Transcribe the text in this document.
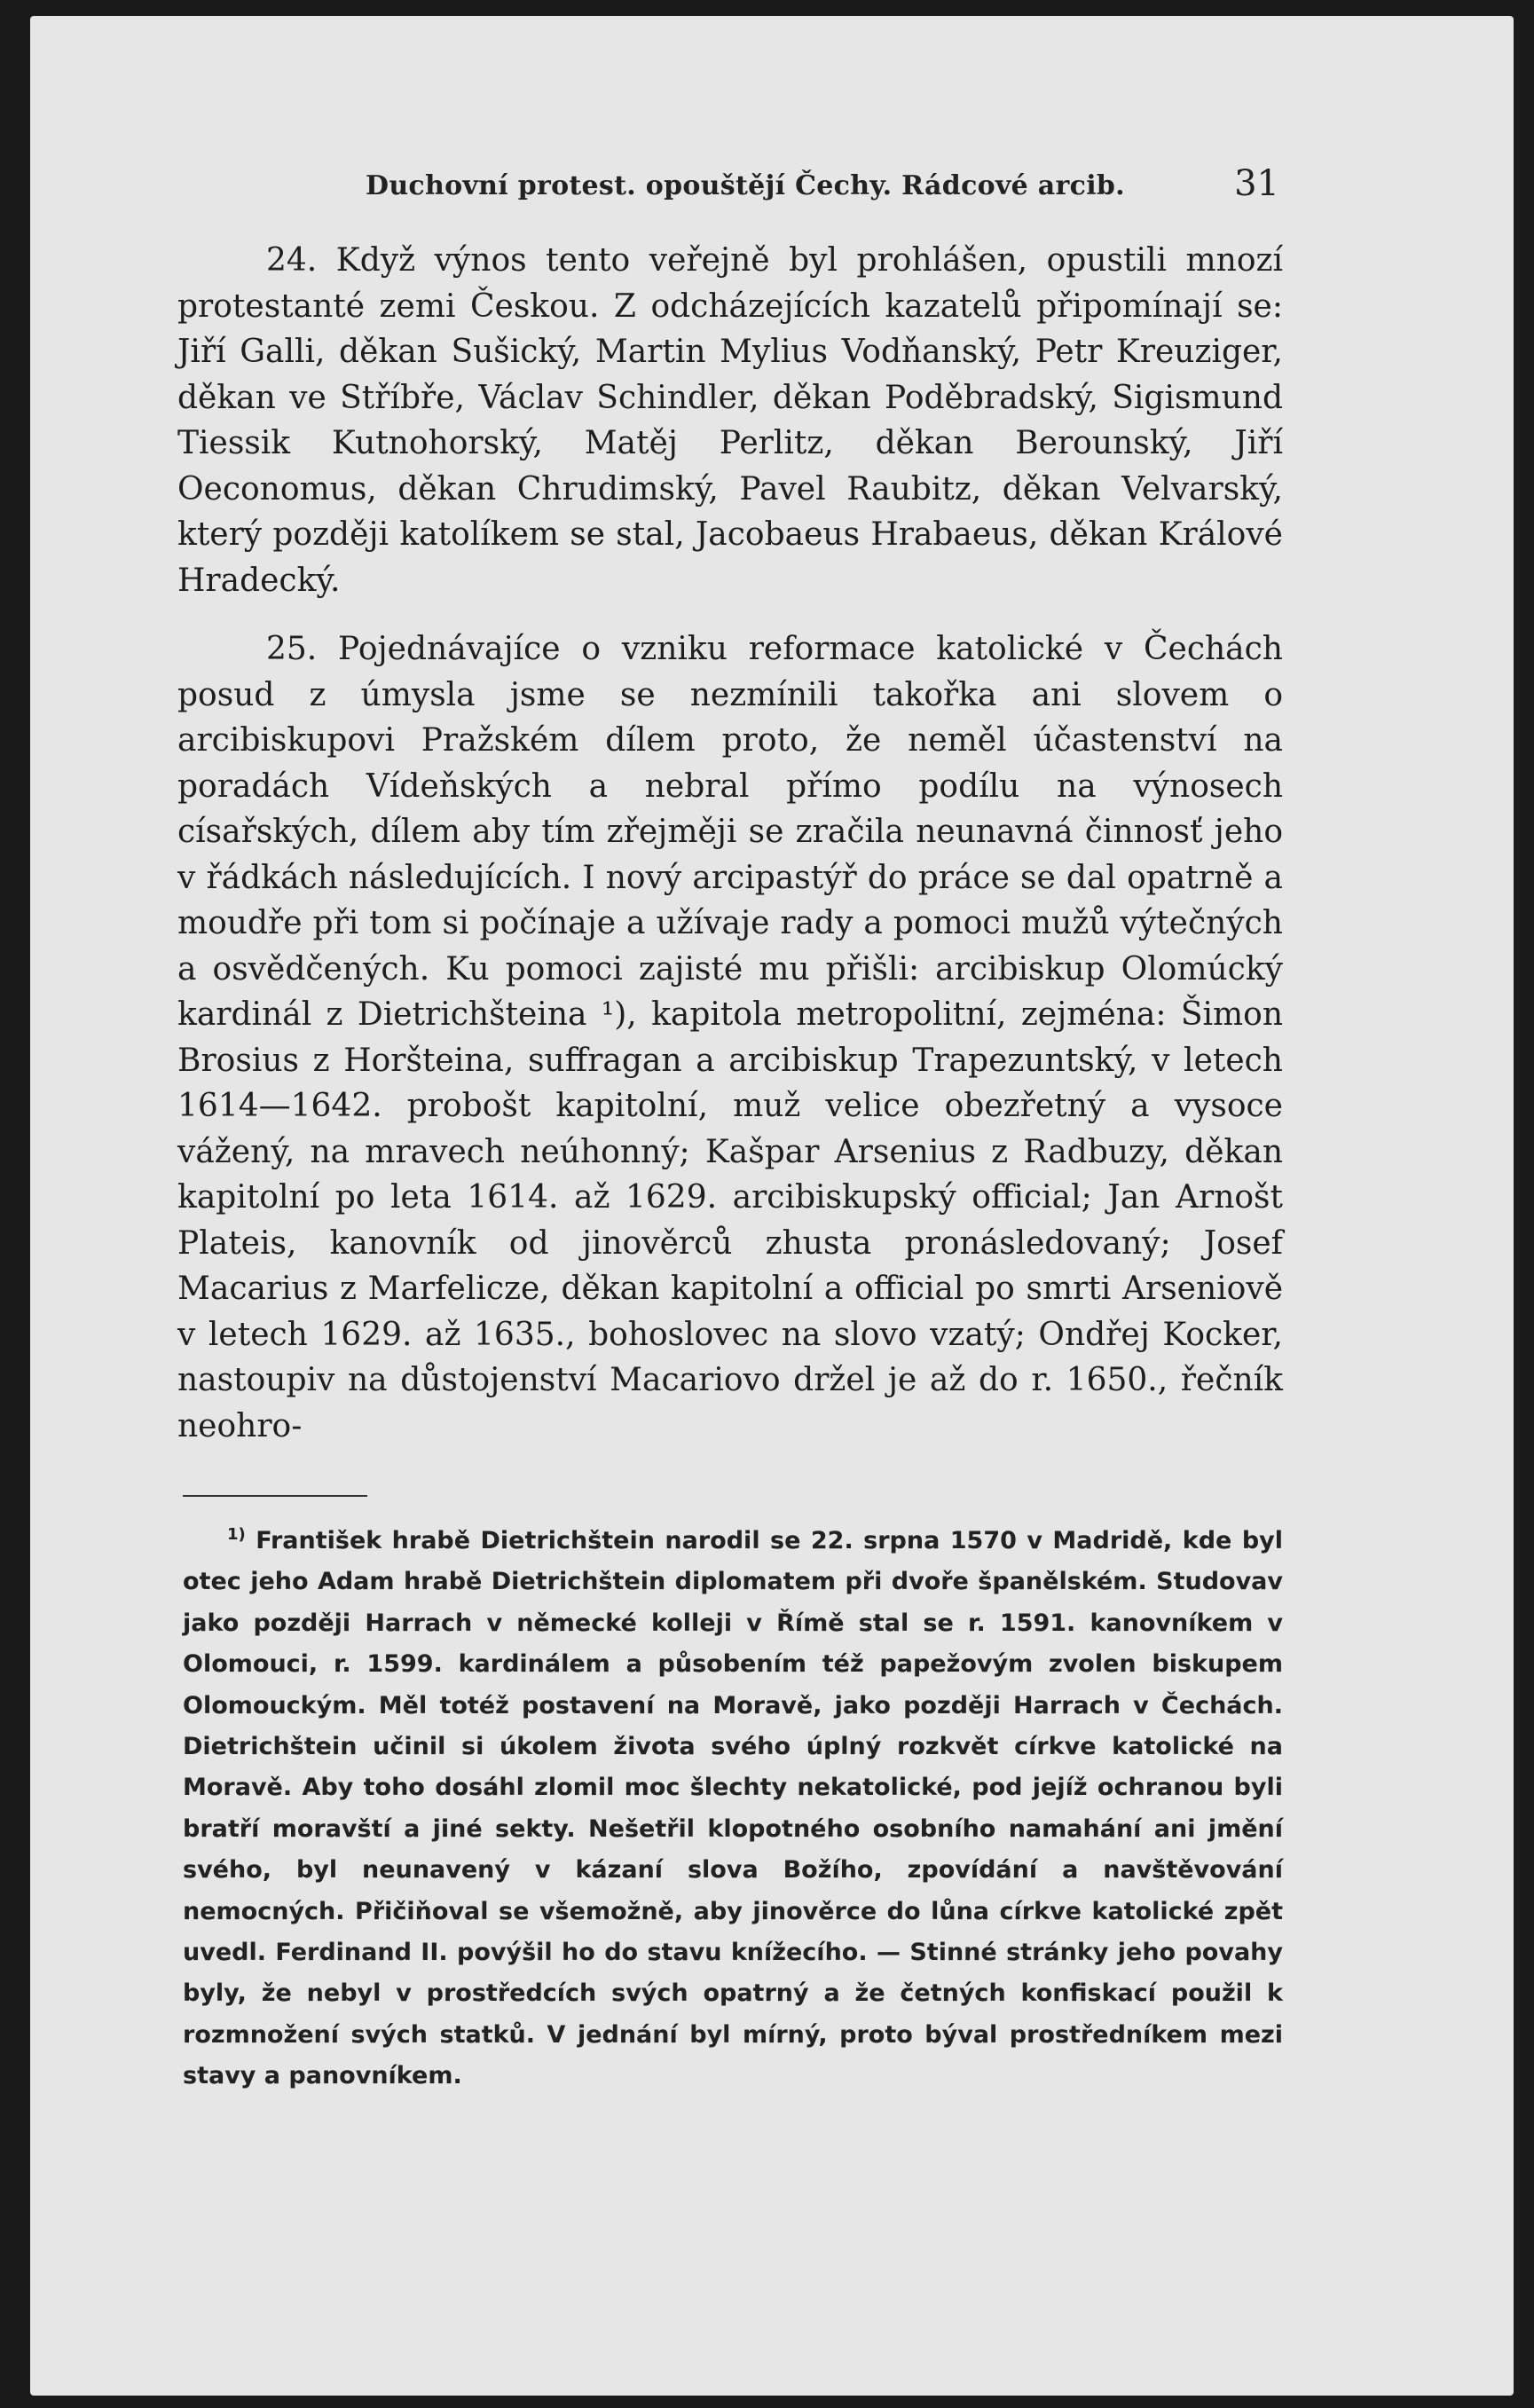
Duchovní protest. opouštějí Čechy. Rádcové arcib.	31

24. Když výnos tento veřejně byl prohlášen, opustili mnozí protestanté zemi Českou. Z odcházejících kazatelů připomínají se: Jiří Galli, děkan Sušický, Martin Mylius Vodňanský, Petr Kreuziger, děkan ve Stříbře, Václav Schindler, děkan Poděbradský, Sigismund Tiessik Kutnohorský, Matěj Perlitz, děkan Berounský, Jiří Oeconomus, děkan Chrudimský, Pavel Raubitz, děkan Velvarský, který později katolíkem se stal, Jacobaeus Hrabaeus, děkan Králové Hradecký.

25. Pojednávajíce o vzniku reformace katolické v Čechách posud z úmysla jsme se nezmínili takořka ani slovem o arcibiskupovi Pražském dílem proto, že neměl účastenství na poradách Vídeňských a nebral přímo podílu na výnosech císařských, dílem aby tím zřejměji se zračila neunavná činnosť jeho v řádkách následujících. I nový arcipastýř do práce se dal opatrně a moudře při tom si počínaje a užívaje rady a pomoci mužů výtečných a osvědčených. Ku pomoci zajisté mu přišli: arcibiskup Olomúcký kardinál z Dietrichšteina ¹), kapitola metropolitní, zejména: Šimon Brosius z Horšteina, suffragan a arcibiskup Trapezuntský, v letech 1614—1642. probošt kapitolní, muž velice obezřetný a vysoce vážený, na mravech neúhonný; Kašpar Arsenius z Radbuzy, děkan kapitolní po leta 1614. až 1629. arcibiskupský official; Jan Arnošt Plateis, kanovník od jinověrců zhusta pronásledovaný; Josef Macarius z Marfelicze, děkan kapitolní a official po smrti Arseniově v letech 1629. až 1635., bohoslovec na slovo vzatý; Ondřej Kocker, nastoupiv na důstojenství Macariovo držel je až do r. 1650., řečník neohro-

$^{1)}$ František hrabě Dietrichštein narodil se 22. srpna 1570 v Madridě, kde byl otec jeho Adam hrabě Dietrichštein diplomatem při dvoře španělském. Studovav jako později Harrach v německé kolleji v Římě stal se r. 1591. kanovníkem v Olomouci, r. 1599. kardinálem a působením též papežovým zvolen biskupem Olomouckým. Měl totéž postavení na Moravě, jako později Harrach v Čechách. Dietrichštein učinil si úkolem života svého úplný rozkvět církve katolické na Moravě. Aby toho dosáhl zlomil moc šlechty nekatolické, pod jejíž ochranou byli bratří moravští a jiné sekty. Nešetřil klopotného osobního namahání ani jmění svého, byl neunavený v kázaní slova Božího, zpovídání a navštěvování nemocných. Přičiňoval se všemožně, aby jinověrce do lůna církve katolické zpět uvedl. Ferdinand II. povýšil ho do stavu knížecího. — Stinné stránky jeho povahy byly, že nebyl v prostředcích svých opatrný a že četných konfiskací použil k rozmnožení svých statků. V jednání byl mírný, proto býval prostředníkem mezi stavy a panovníkem.
